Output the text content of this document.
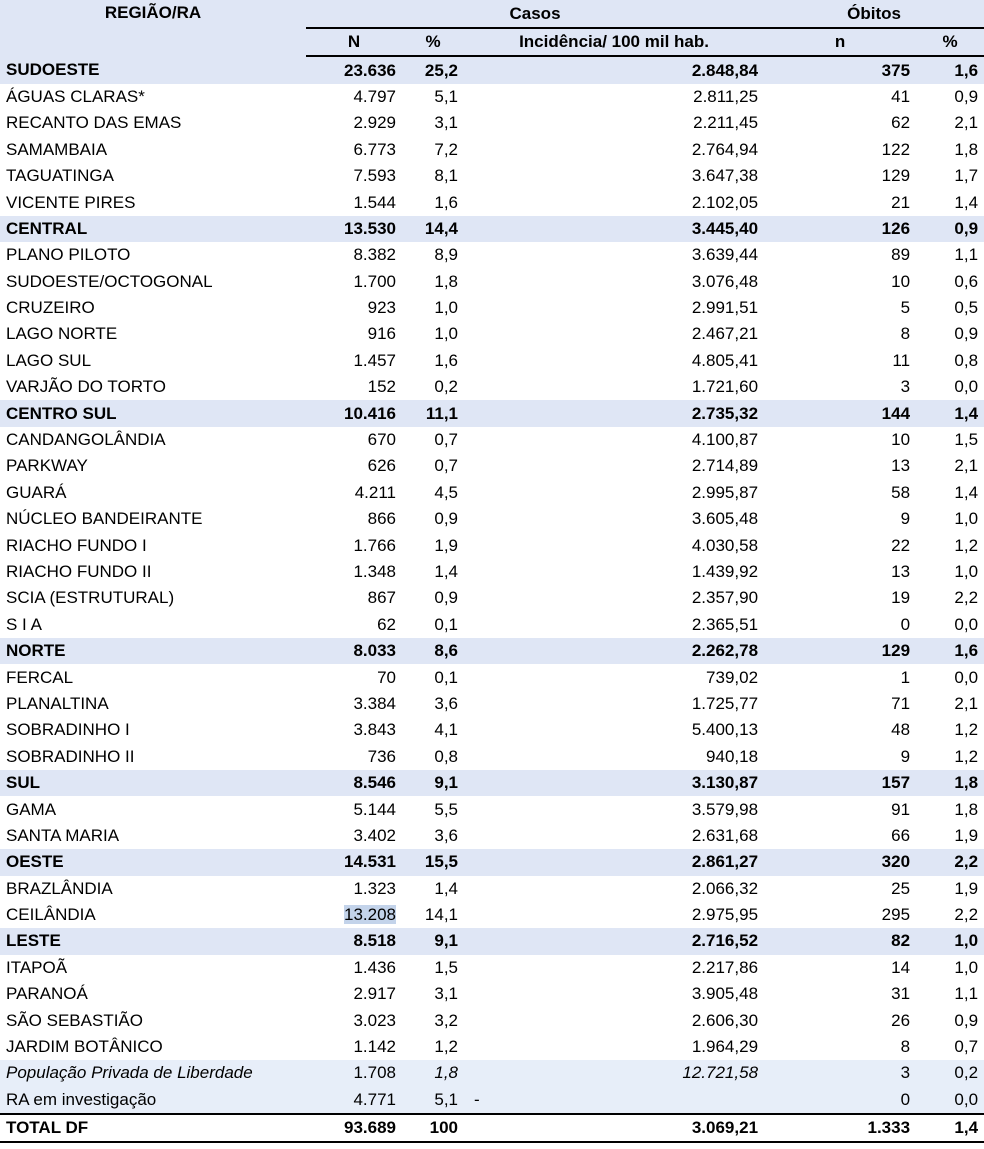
REGIÃO/RA	Casos			Óbitos	
	N	%	Incidência/ 100 mil hab.	n	%
SUDOESTE	23.636	25,2	2.848,84	375	1,6
ÁGUAS CLARAS*	4.797	5,1	2.811,25	41	0,9
RECANTO DAS EMAS	2.929	3,1	2.211,45	62	2,1
SAMAMBAIA	6.773	7,2	2.764,94	122	1,8
TAGUATINGA	7.593	8,1	3.647,38	129	1,7
VICENTE PIRES	1.544	1,6	2.102,05	21	1,4
CENTRAL	13.530	14,4	3.445,40	126	0,9
PLANO PILOTO	8.382	8,9	3.639,44	89	1,1
SUDOESTE/OCTOGONAL	1.700	1,8	3.076,48	10	0,6
CRUZEIRO	923	1,0	2.991,51	5	0,5
LAGO NORTE	916	1,0	2.467,21	8	0,9
LAGO SUL	1.457	1,6	4.805,41	11	0,8
VARJÃO DO TORTO	152	0,2	1.721,60	3	0,0
CENTRO SUL	10.416	11,1	2.735,32	144	1,4
CANDANGOLÂNDIA	670	0,7	4.100,87	10	1,5
PARKWAY	626	0,7	2.714,89	13	2,1
GUARÁ	4.211	4,5	2.995,87	58	1,4
NÚCLEO BANDEIRANTE	866	0,9	3.605,48	9	1,0
RIACHO FUNDO I	1.766	1,9	4.030,58	22	1,2
RIACHO FUNDO II	1.348	1,4	1.439,92	13	1,0
SCIA (ESTRUTURAL)	867	0,9	2.357,90	19	2,2
S I A	62	0,1	2.365,51	0	0,0
NORTE	8.033	8,6	2.262,78	129	1,6
FERCAL	70	0,1	739,02	1	0,0
PLANALTINA	3.384	3,6	1.725,77	71	2,1
SOBRADINHO I	3.843	4,1	5.400,13	48	1,2
SOBRADINHO II	736	0,8	940,18	9	1,2
SUL	8.546	9,1	3.130,87	157	1,8
GAMA	5.144	5,5	3.579,98	91	1,8
SANTA MARIA	3.402	3,6	2.631,68	66	1,9
OESTE	14.531	15,5	2.861,27	320	2,2
BRAZLÂNDIA	1.323	1,4	2.066,32	25	1,9
CEILÂNDIA	13.208	14,1	2.975,95	295	2,2
LESTE	8.518	9,1	2.716,52	82	1,0
ITAPOÃ	1.436	1,5	2.217,86	14	1,0
PARANOÁ	2.917	3,1	3.905,48	31	1,1
SÃO SEBASTIÃO	3.023	3,2	2.606,30	26	0,9
JARDIM BOTÂNICO	1.142	1,2	1.964,29	8	0,7
População Privada de Liberdade	1.708	1,8	12.721,58	3	0,2
RA em investigação	4.771	5,1	-	0	0,0
TOTAL DF	93.689	100	3.069,21	1.333	1,4
